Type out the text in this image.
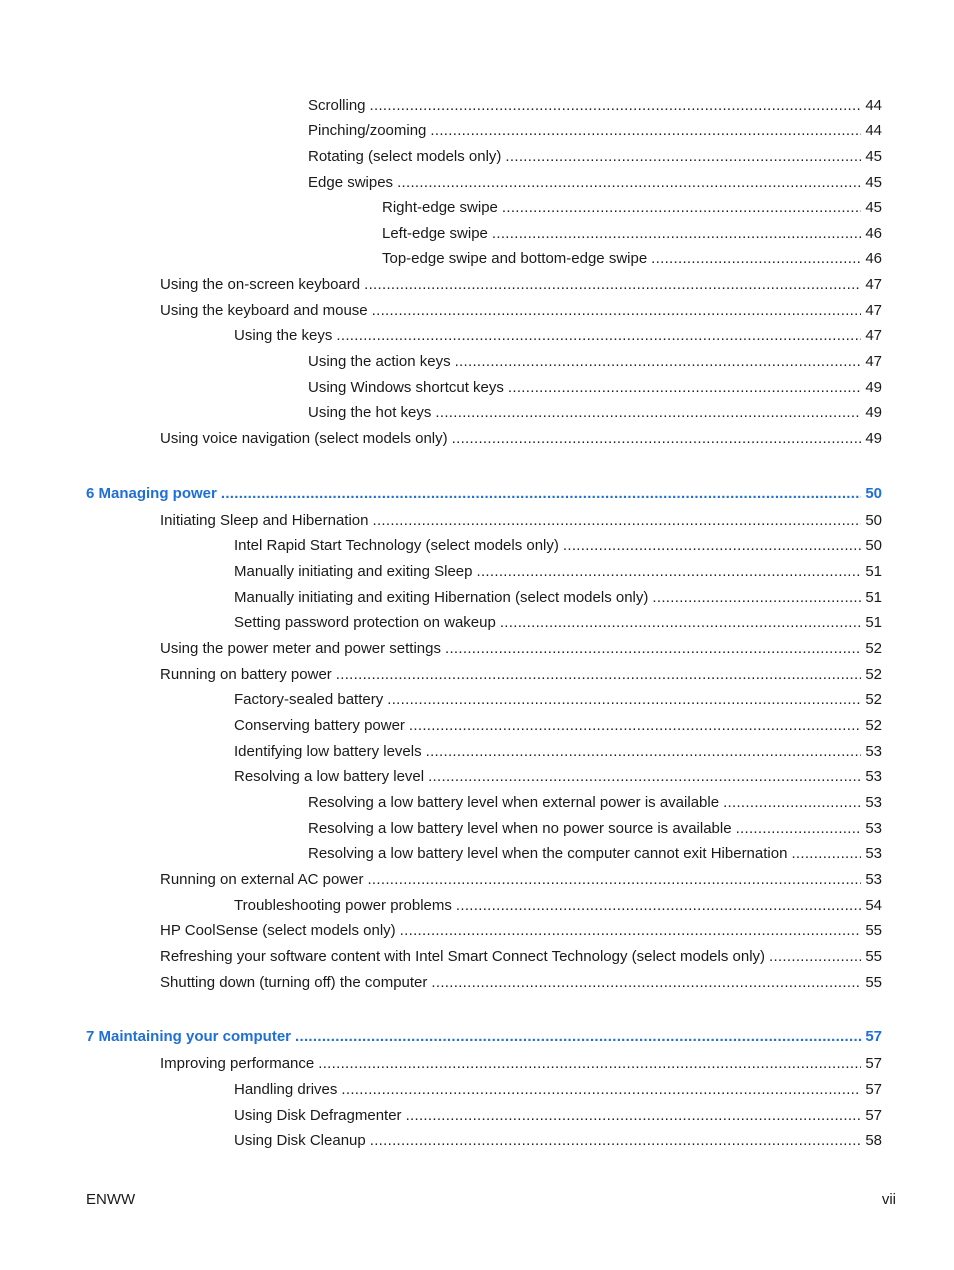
Scrolling .....	44
Pinching/zooming .....	44
Rotating (select models only) .....	45
Edge swipes .....	45
Right-edge swipe .....	45
Left-edge swipe .....	46
Top-edge swipe and bottom-edge swipe .....	46
Using the on-screen keyboard .....	47
Using the keyboard and mouse .....	47
Using the keys .....	47
Using the action keys .....	47
Using Windows shortcut keys .....	49
Using the hot keys .....	49
Using voice navigation (select models only) .....	49
6 Managing power .....	50
Initiating Sleep and Hibernation .....	50
Intel Rapid Start Technology (select models only) .....	50
Manually initiating and exiting Sleep .....	51
Manually initiating and exiting Hibernation (select models only) .....	51
Setting password protection on wakeup .....	51
Using the power meter and power settings .....	52
Running on battery power .....	52
Factory-sealed battery .....	52
Conserving battery power .....	52
Identifying low battery levels .....	53
Resolving a low battery level .....	53
Resolving a low battery level when external power is available .....	53
Resolving a low battery level when no power source is available .....	53
Resolving a low battery level when the computer cannot exit Hibernation .....	53
Running on external AC power .....	53
Troubleshooting power problems .....	54
HP CoolSense (select models only) .....	55
Refreshing your software content with Intel Smart Connect Technology (select models only) .....	55
Shutting down (turning off) the computer .....	55
7 Maintaining your computer .....	57
Improving performance .....	57
Handling drives .....	57
Using Disk Defragmenter .....	57
Using Disk Cleanup .....	58
ENWW	vii
